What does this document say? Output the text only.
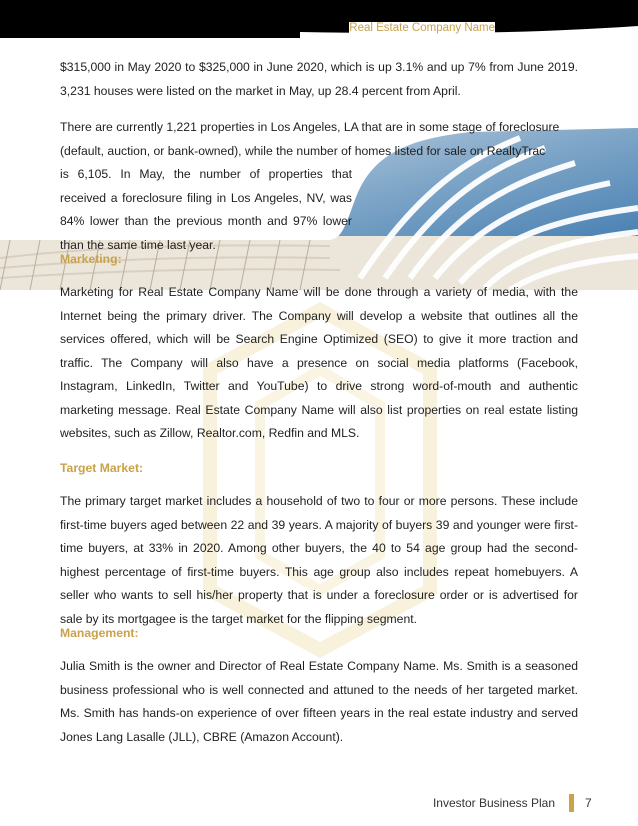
Real Estate Company Name

$315,000 in May 2020 to $325,000 in June 2020, which is up 3.1% and up 7% from June 2019. 3,231 houses were listed on the market in May, up 28.4 percent from April.

There are currently 1,221 properties in Los Angeles, LA that are in some stage of foreclosure
(default, auction, or bank-owned), while the number of homes listed for sale on RealtyTrac
is 6,105. In May, the number of properties that
received a foreclosure filing in Los Angeles, NV, was
84% lower than the previous month and 97% lower
than the same time last year.
Marketing:

Marketing for Real Estate Company Name will be done through a variety of media, with the Internet being the primary driver. The Company will develop a website that outlines all the services offered, which will be Search Engine Optimized (SEO) to give it more traction and traffic. The Company will also have a presence on social media platforms (Facebook, Instagram, LinkedIn, Twitter and YouTube) to drive strong word-of-mouth and authentic marketing message. Real Estate Company Name will also list properties on real estate listing websites, such as Zillow, Realtor.com, Redfin and MLS.

Target Market:

The primary target market includes a household of two to four or more persons. These include first-time buyers aged between 22 and 39 years. A majority of buyers 39 and younger were first-time buyers, at 33% in 2020. Among other buyers, the 40 to 54 age group had the second-highest percentage of first-time buyers. This age group also includes repeat homebuyers. A seller who wants to sell his/her property that is under a foreclosure order or is advertised for sale by its mortgagee is the target market for the flipping segment.

Management:

Julia Smith is the owner and Director of Real Estate Company Name. Ms. Smith is a seasoned business professional who is well connected and attuned to the needs of her targeted market. Ms. Smith has hands-on experience of over fifteen years in the real estate industry and served Jones Lang Lasalle (JLL), CBRE (Amazon Account).

Investor Business Plan	7
